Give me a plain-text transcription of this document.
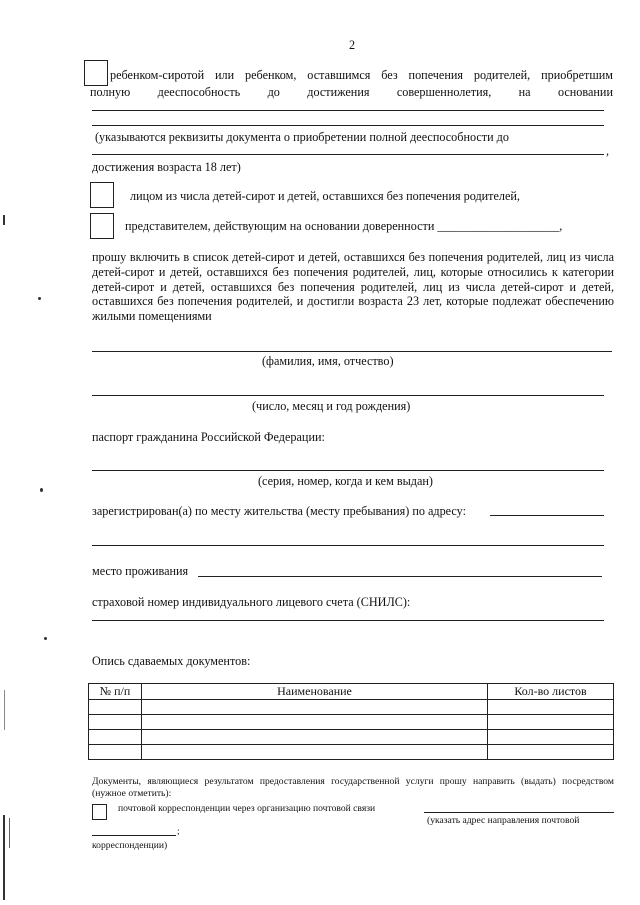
2
ребенком-сиротой или ребенком, оставшимся без попечения родителей, приобретшим
полную дееспособность до достижения совершеннолетия, на основании
(указываются реквизиты документа о приобретении полной дееспособности до
,
достижения возраста 18 лет)
лицом из числа детей-сирот и детей, оставшихся без попечения родителей,
представителем, действующим на основании доверенности ____________________,
прошу включить в список детей-сирот и детей, оставшихся без попечения родителей, лиц из числа детей-сирот и детей, оставшихся без попечения родителей, лиц, которые относились к категории детей-сирот и детей, оставшихся без попечения родителей, лиц из числа детей-сирот и детей, оставшихся без попечения родителей, и достигли возраста 23 лет, которые подлежат обеспечению жилыми помещениями
(фамилия, имя, отчество)
(число, месяц и год рождения)
паспорт гражданина Российской Федерации:
(серия, номер, когда и кем выдан)
зарегистрирован(а) по месту жительства (месту пребывания) по адресу:
место проживания
страховой номер индивидуального лицевого счета (СНИЛС):
Опись сдаваемых документов:
№ п/п	Наименование	Кол-во листов

Документы, являющиеся результатом предоставления государственной услуги прошу направить (выдать) посредством (нужное отметить):
почтовой корреспонденции через организацию почтовой связи
(указать адрес направления почтовой
;
корреспонденции)
